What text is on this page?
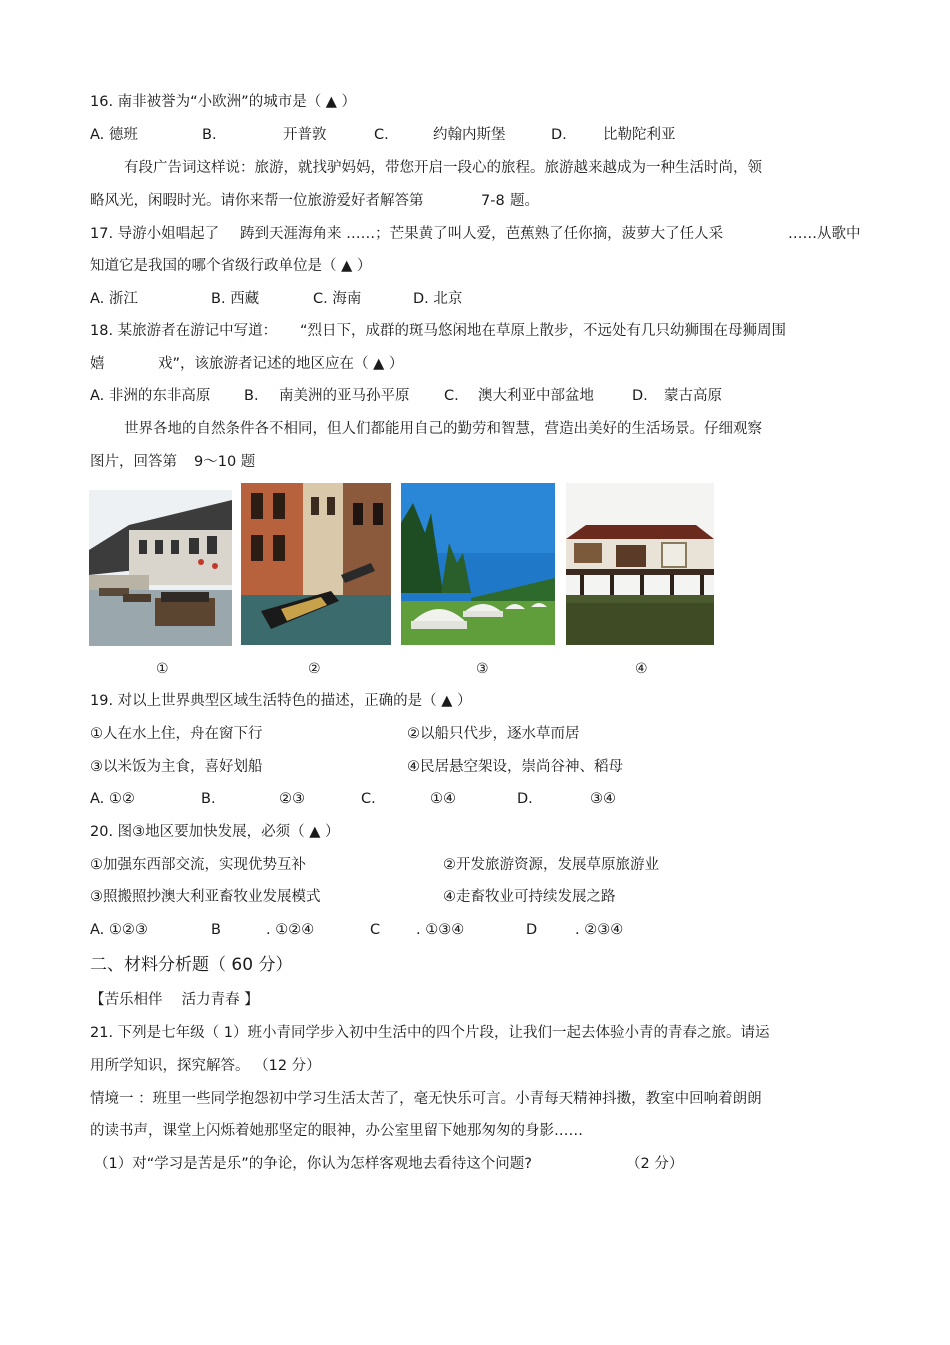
16. 南非被誉为“小欧洲”的城市是（ ▲ ）
A. 德班	B.	开普敦	C.	约翰内斯堡	D. 比勒陀利亚
有段广告词这样说：旅游，就找驴妈妈，带您开启一段心的旅程。旅游越来越成为一种生活时尚，领
略风光，闲暇时光。请你来帮一位旅游爱好者解答第	7-8 题。
17. 导游小姐唱起了 踌到天涯海角来 ……；芒果黄了叫人爱，芭蕉熟了任你摘，菠萝大了任人采	……从歌中
知道它是我国的哪个省级行政单位是（ ▲ ）
A. 浙江	B. 西藏	C. 海南	D. 北京
18. 某旅游者在游记中写道： “烈日下，成群的斑马悠闲地在草原上散步，不远处有几只幼狮围在母狮周围
嬉	戏”，该旅游者记述的地区应在（ ▲ ）
A. 非洲的东非高原 B. 南美洲的亚马孙平原 C. 澳大利亚中部盆地	D. 蒙古高原
世界各地的自然条件各不相同，但人们都能用自己的勤劳和智慧，营造出美好的生活场景。仔细观察
图片，回答第 9～10 题
①	②	③	④
19. 对以上世界典型区域生活特色的描述，正确的是（ ▲ ）
①人在水上住，舟在窗下行	②以船只代步，逐水草而居
③以米饭为主食，喜好划船	④民居悬空架设，崇尚谷神、稻母
A. ①②	B.	②③	C.	①④	D.	③④
20. 图③地区要加快发展，必须（ ▲ ）
①加强东西部交流，实现优势互补	②开发旅游资源，发展草原旅游业
③照搬照抄澳大利亚畜牧业发展模式	④走畜牧业可持续发展之路
A. ①②③	B	. ①②④	C . ①③④	D	. ②③④
二、材料分析题（ 60 分）
【苦乐相伴　 活力青春 】
21. 下列是七年级（ 1）班小青同学步入初中生活中的四个片段，让我们一起去体验小青的青春之旅。请运
用所学知识，探究解答。 （12 分）
情境一 ：班里一些同学抱怨初中学习生活太苦了，毫无快乐可言。小青每天精神抖擞，教室中回响着朗朗
的读书声，课堂上闪烁着她那坚定的眼神，办公室里留下她那匆匆的身影……
（1）对“学习是苦是乐”的争论，你认为怎样客观地去看待这个问题?	（2 分）
